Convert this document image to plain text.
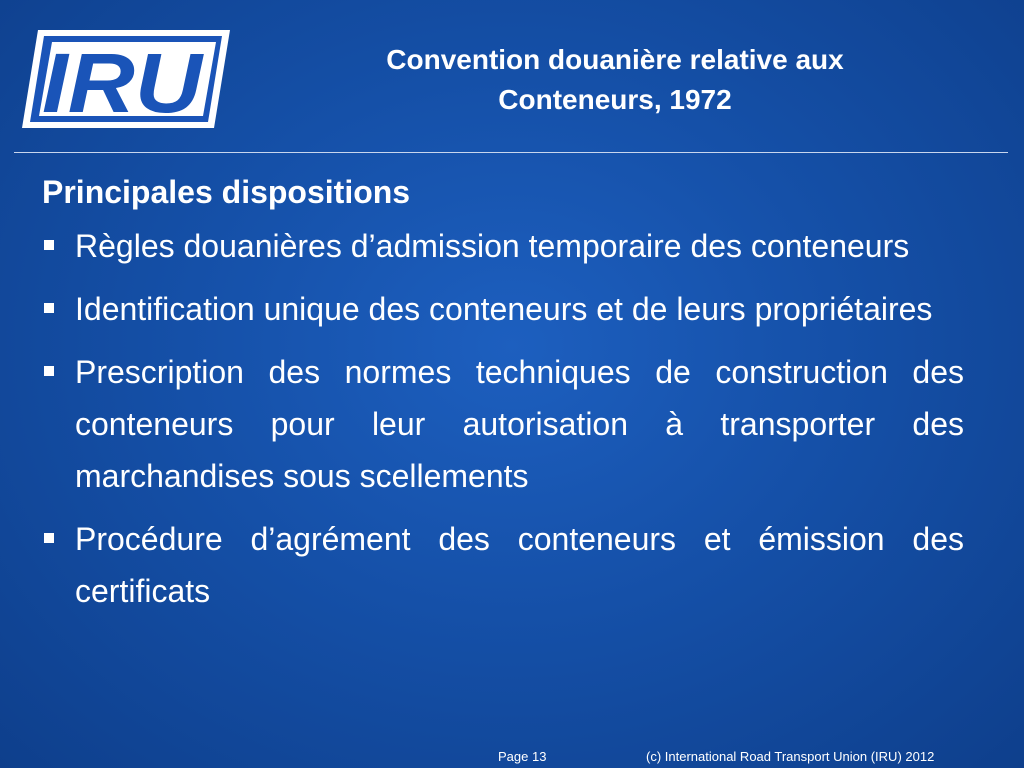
IRU	Convention douanière relative aux
Conteneurs, 1972
Principales dispositions
Règles douanières d’admission temporaire des conteneurs
Identification unique des conteneurs et de leurs propriétaires
Prescription des normes techniques de construction des conteneurs pour leur autorisation à transporter des marchandises sous scellements
Procédure d’agrément des conteneurs et émission des certificats
Page 13	(c) International Road Transport Union (IRU) 2012
